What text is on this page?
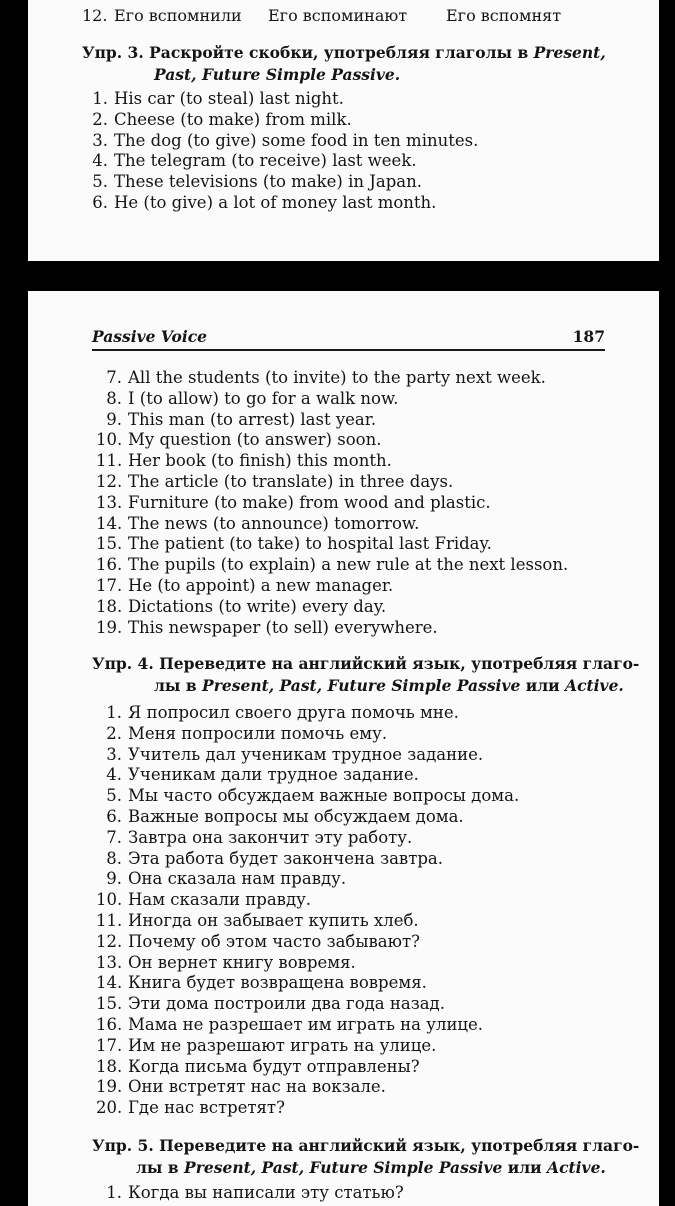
12. Его вспомнили Его вспоминают Его вспомнят
Упр. 3. Раскройте скобки, употребляя глаголы в Present,
Past, Future Simple Passive.
1. His car (to steal) last night.
2. Cheese (to make) from milk.
3. The dog (to give) some food in ten minutes.
4. The telegram (to receive) last week.
5. These televisions (to make) in Japan.
6. He (to give) a lot of money last month.
Passive Voice	187
7. All the students (to invite) to the party next week.
8. I (to allow) to go for a walk now.
9. This man (to arrest) last year.
10. My question (to answer) soon.
11. Her book (to finish) this month.
12. The article (to translate) in three days.
13. Furniture (to make) from wood and plastic.
14. The news (to announce) tomorrow.
15. The patient (to take) to hospital last Friday.
16. The pupils (to explain) a new rule at the next lesson.
17. He (to appoint) a new manager.
18. Dictations (to write) every day.
19. This newspaper (to sell) everywhere.
Упр. 4. Переведите на английский язык, употребляя глаго-
лы в Present, Past, Future Simple Passive или Active.
1. Я попросил своего друга помочь мне.
2. Меня попросили помочь ему.
3. Учитель дал ученикам трудное задание.
4. Ученикам дали трудное задание.
5. Мы часто обсуждаем важные вопросы дома.
6. Важные вопросы мы обсуждаем дома.
7. Завтра она закончит эту работу.
8. Эта работа будет закончена завтра.
9. Она сказала нам правду.
10. Нам сказали правду.
11. Иногда он забывает купить хлеб.
12. Почему об этом часто забывают?
13. Он вернет книгу вовремя.
14. Книга будет возвращена вовремя.
15. Эти дома построили два года назад.
16. Мама не разрешает им играть на улице.
17. Им не разрешают играть на улице.
18. Когда письма будут отправлены?
19. Они встретят нас на вокзале.
20. Где нас встретят?
Упр. 5. Переведите на английский язык, употребляя глаго-
лы в Present, Past, Future Simple Passive или Active.
1. Когда вы написали эту статью?
